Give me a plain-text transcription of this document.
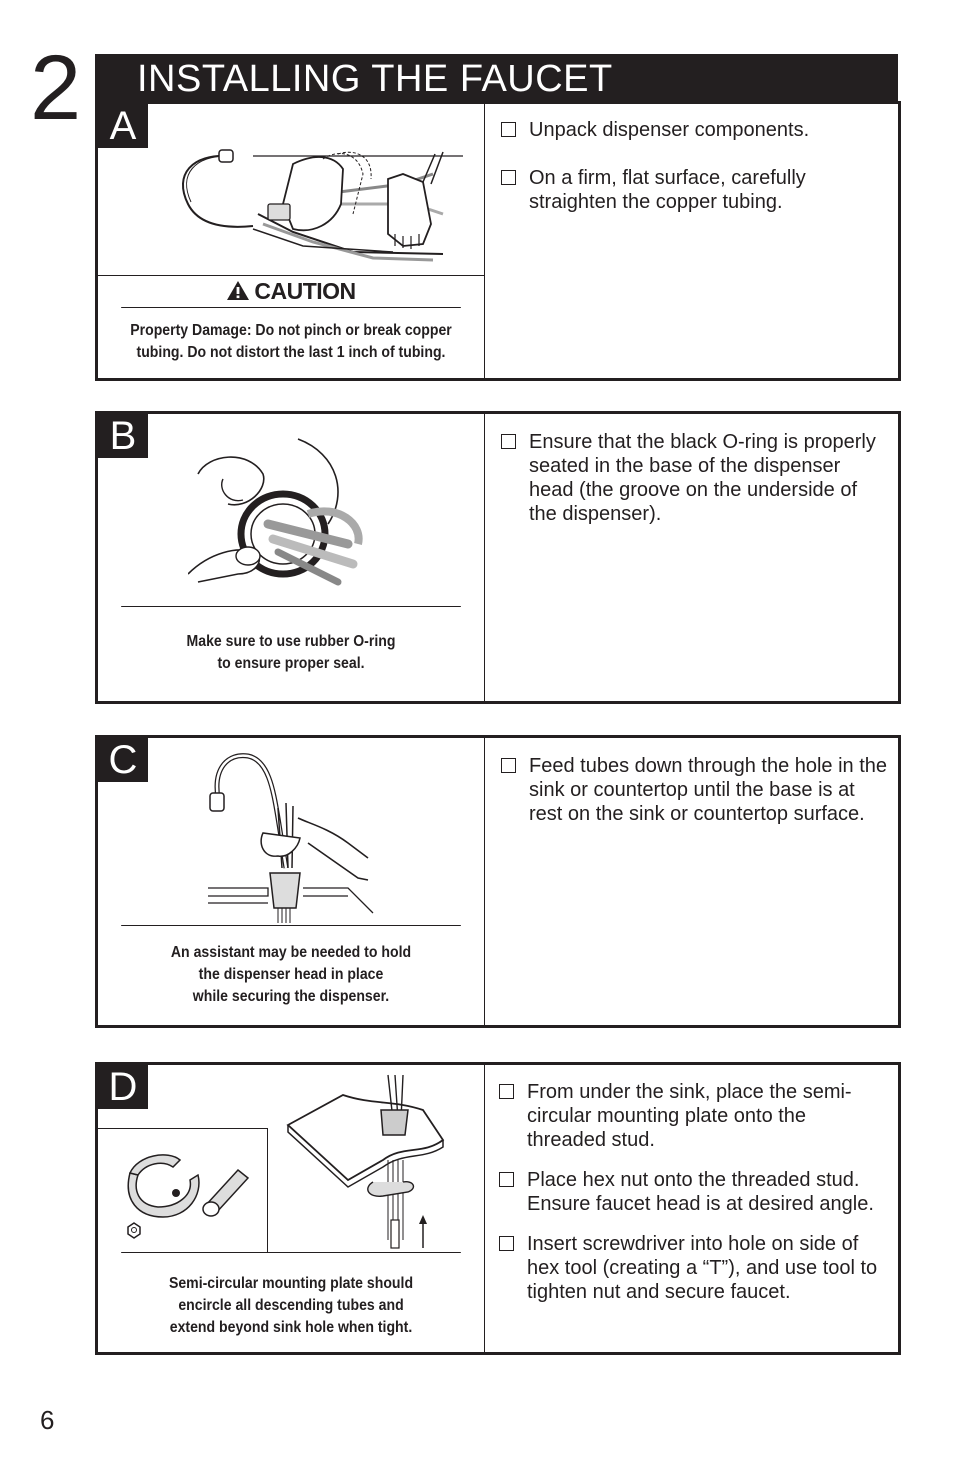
2 INSTALLING THE FAUCET
A
CAUTION
Property Damage: Do not pinch or break copper tubing. Do not distort the last 1 inch of tubing.
Unpack dispenser components.
On a firm, flat surface, carefully straighten the copper tubing.
B
Make sure to use rubber O-ring
to ensure proper seal.
Ensure that the black O-ring is properly seated in the base of the dispenser head (the groove on the underside of the dispenser).
C
An assistant may be needed to hold
the dispenser head in place
while securing the dispenser.
Feed tubes down through the hole in the sink or countertop until the base is at rest on the sink or countertop surface.
D
Semi-circular mounting plate should
encircle all descending tubes and
extend beyond sink hole when tight.
From under the sink, place the semi-circular mounting plate onto the threaded stud.
Place hex nut onto the threaded stud. Ensure faucet head is at desired angle.
Insert screwdriver into hole on side of hex tool (creating a “T”), and use tool to tighten nut and secure faucet.
6
